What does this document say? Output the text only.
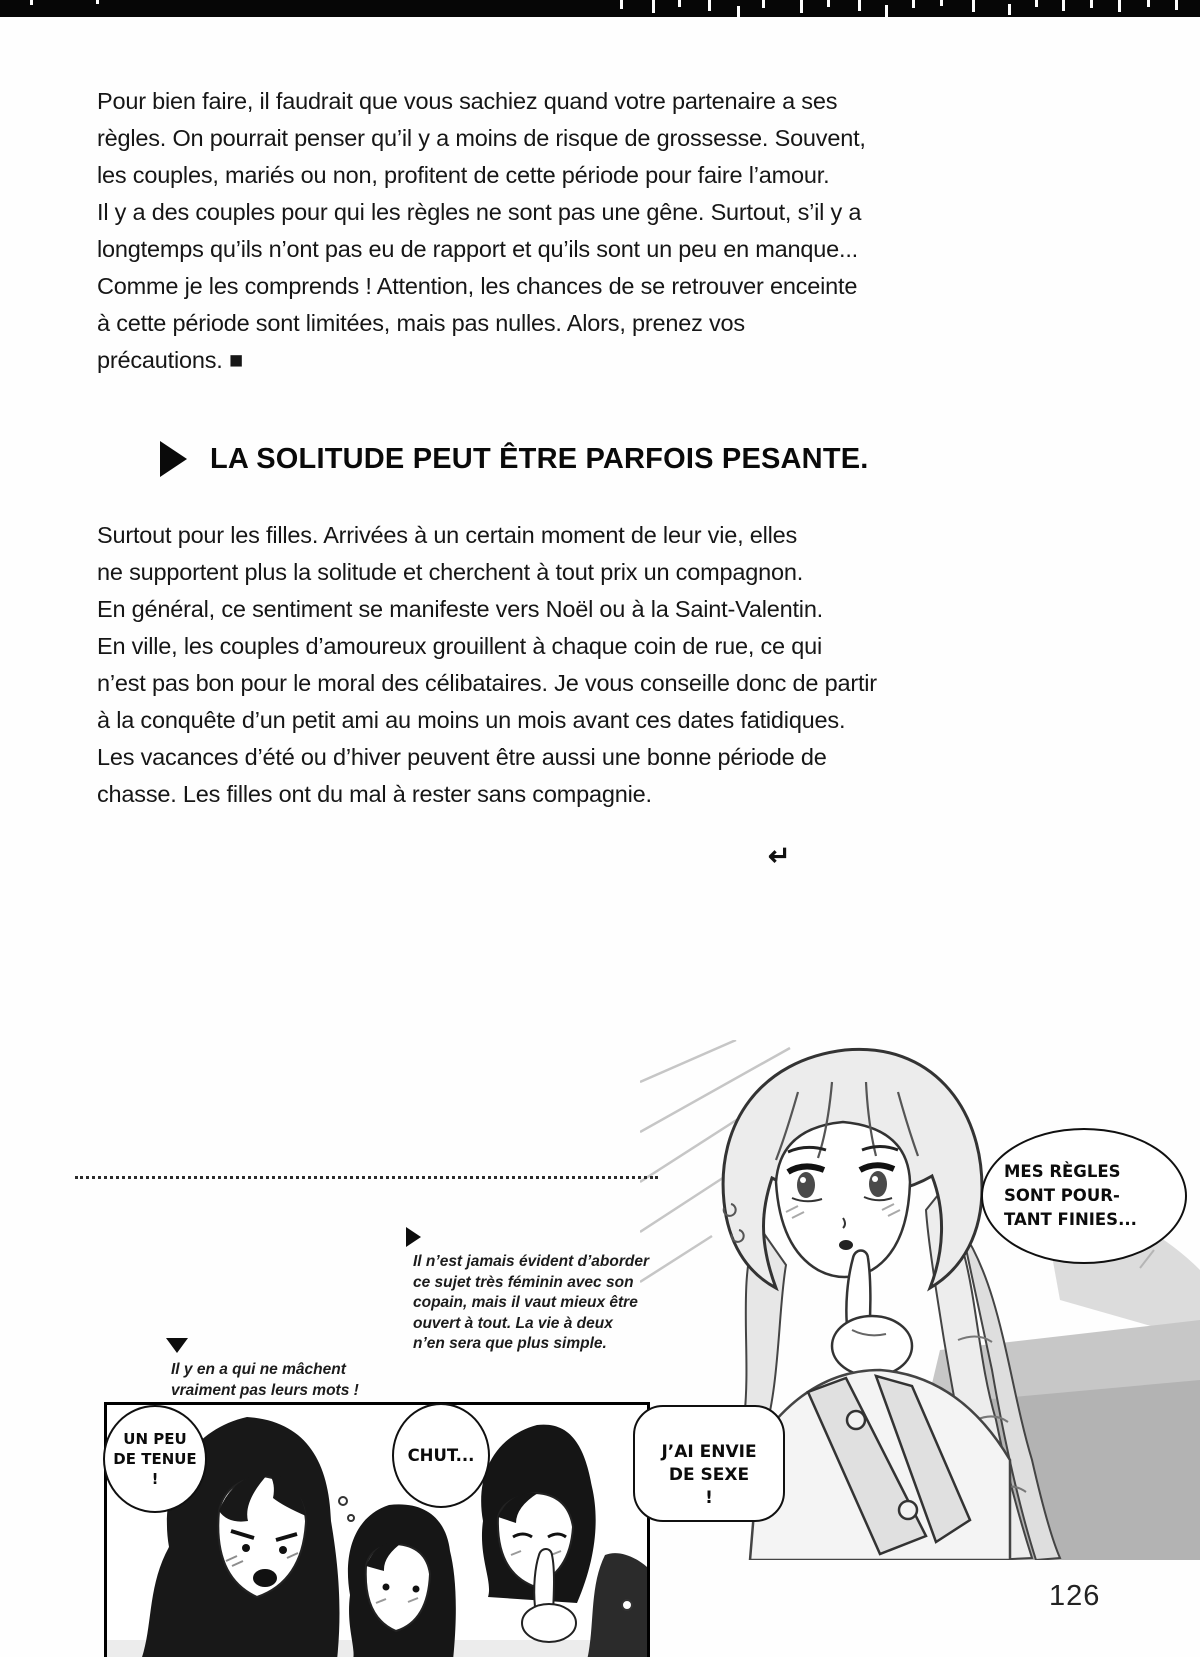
Pour bien faire, il faudrait que vous sachiez quand votre partenaire a ses
règles. On pourrait penser qu’il y a moins de risque de grossesse. Souvent,
les couples, mariés ou non, profitent de cette période pour faire l’amour.
Il y a des couples pour qui les règles ne sont pas une gêne. Surtout, s’il y a
longtemps qu’ils n’ont pas eu de rapport et qu’ils sont un peu en manque...
Comme je les comprends ! Attention, les chances de se retrouver enceinte
à cette période sont limitées, mais pas nulles. Alors, prenez vos
précautions. ■
LA SOLITUDE PEUT ÊTRE PARFOIS PESANTE.
Surtout pour les filles. Arrivées à un certain moment de leur vie, elles
ne supportent plus la solitude et cherchent à tout prix un compagnon.
En général, ce sentiment se manifeste vers Noël ou à la Saint-Valentin.
En ville, les couples d’amoureux grouillent à chaque coin de rue, ce qui
n’est pas bon pour le moral des célibataires. Je vous conseille donc de partir
à la conquête d’un petit ami au moins un mois avant ces dates fatidiques.
Les vacances d’été ou d’hiver peuvent être aussi une bonne période de
chasse. Les filles ont du mal à rester sans compagnie.
↵
MES RÈGLES
SONT POUR-
TANT FINIES...
Il n’est jamais évident d’aborder
ce sujet très féminin avec son
copain, mais il vaut mieux être
ouvert à tout. La vie à deux
n’en sera que plus simple.
Il y en a qui ne mâchent
vraiment pas leurs mots !
UN PEU
DE TENUE
!
CHUT...	J’AI ENVIE
DE SEXE
!
126
